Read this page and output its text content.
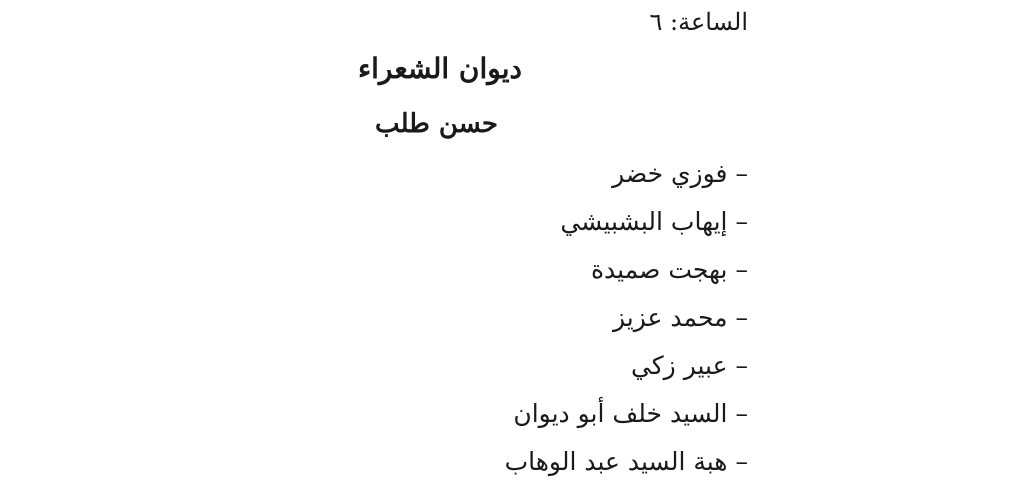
الساعة: ٦
ديوان الشعراء
حسن طلب
–فوزي خضر
–إيهاب البشبيشي
–بهجت صميدة
–محمد عزيز
–عبير زكي
–السيد خلف أبو ديوان
–هبة السيد عبد الوهاب
